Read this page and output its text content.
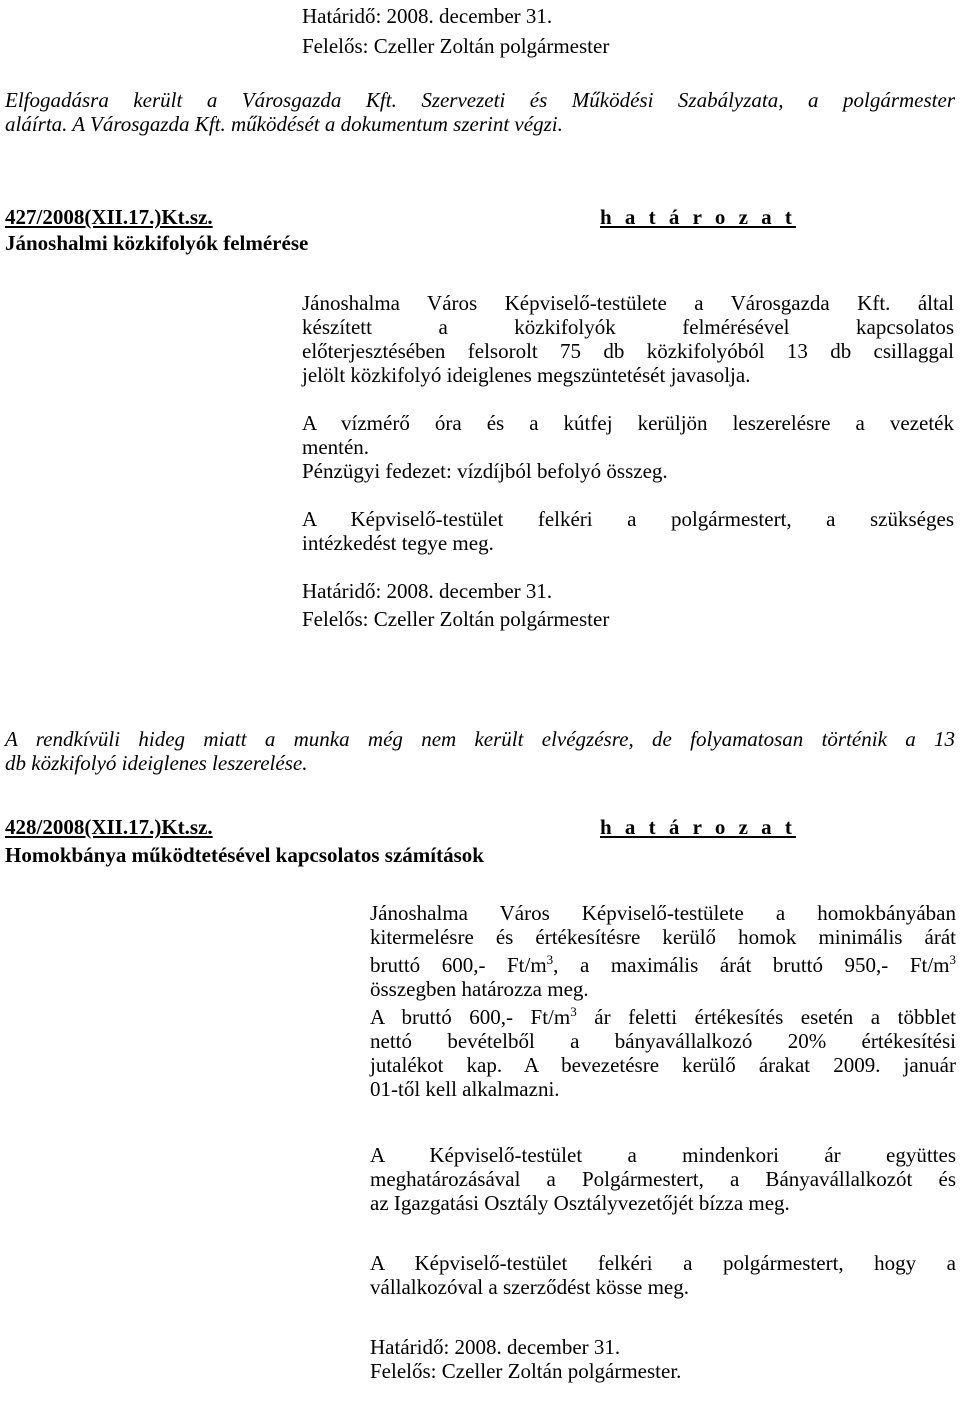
Határidő: 2008. december 31.

Felelős: Czeller Zoltán polgármester

Elfogadásra került a Városgazda Kft. Szervezeti és Működési Szabályzata, a polgármester

aláírta. A Városgazda Kft. működését a dokumentum szerint végzi.

427/2008(XII.17.)Kt.sz.
Jánoshalmi közkifolyók felmérése
h a t á r o z a t

Jánoshalma Város Képviselő-testülete a Városgazda Kft. által

készített a közkifolyók felmérésével kapcsolatos

előterjesztésében felsorolt 75 db közkifolyóból 13 db csillaggal

jelölt közkifolyó ideiglenes megszüntetését javasolja.

A vízmérő óra és a kútfej kerüljön leszerelésre a vezeték

mentén.

Pénzügyi fedezet: vízdíjból befolyó összeg.

A Képviselő-testület felkéri a polgármestert, a szükséges

intézkedést tegye meg.

Határidő: 2008. december 31.

Felelős: Czeller Zoltán polgármester

A rendkívüli hideg miatt a munka még nem került elvégzésre, de folyamatosan történik a 13

db közkifolyó ideiglenes leszerelése.

428/2008(XII.17.)Kt.sz.
Homokbánya működtetésével kapcsolatos számítások
h a t á r o z a t

Jánoshalma Város Képviselő-testülete a homokbányában

kitermelésre és értékesítésre kerülő homok minimális árát

bruttó 600,- $Ft/m^3$, a maximális árát bruttó 950,- $Ft/m^3$

összegben határozza meg.

A bruttó 600,- $Ft/m^3$ ár feletti értékesítés esetén a többlet

nettó bevételből a bányavállalkozó 20% értékesítési

jutalékot kap. A bevezetésre kerülő árakat 2009. január

01-től kell alkalmazni.

A Képviselő-testület a mindenkori ár együttes

meghatározásával a Polgármestert, a Bányavállalkozót és

az Igazgatási Osztály Osztályvezetőjét bízza meg.

A Képviselő-testület felkéri a polgármestert, hogy a

vállalkozóval a szerződést kösse meg.

Határidő: 2008. december 31.

Felelős: Czeller Zoltán polgármester.
